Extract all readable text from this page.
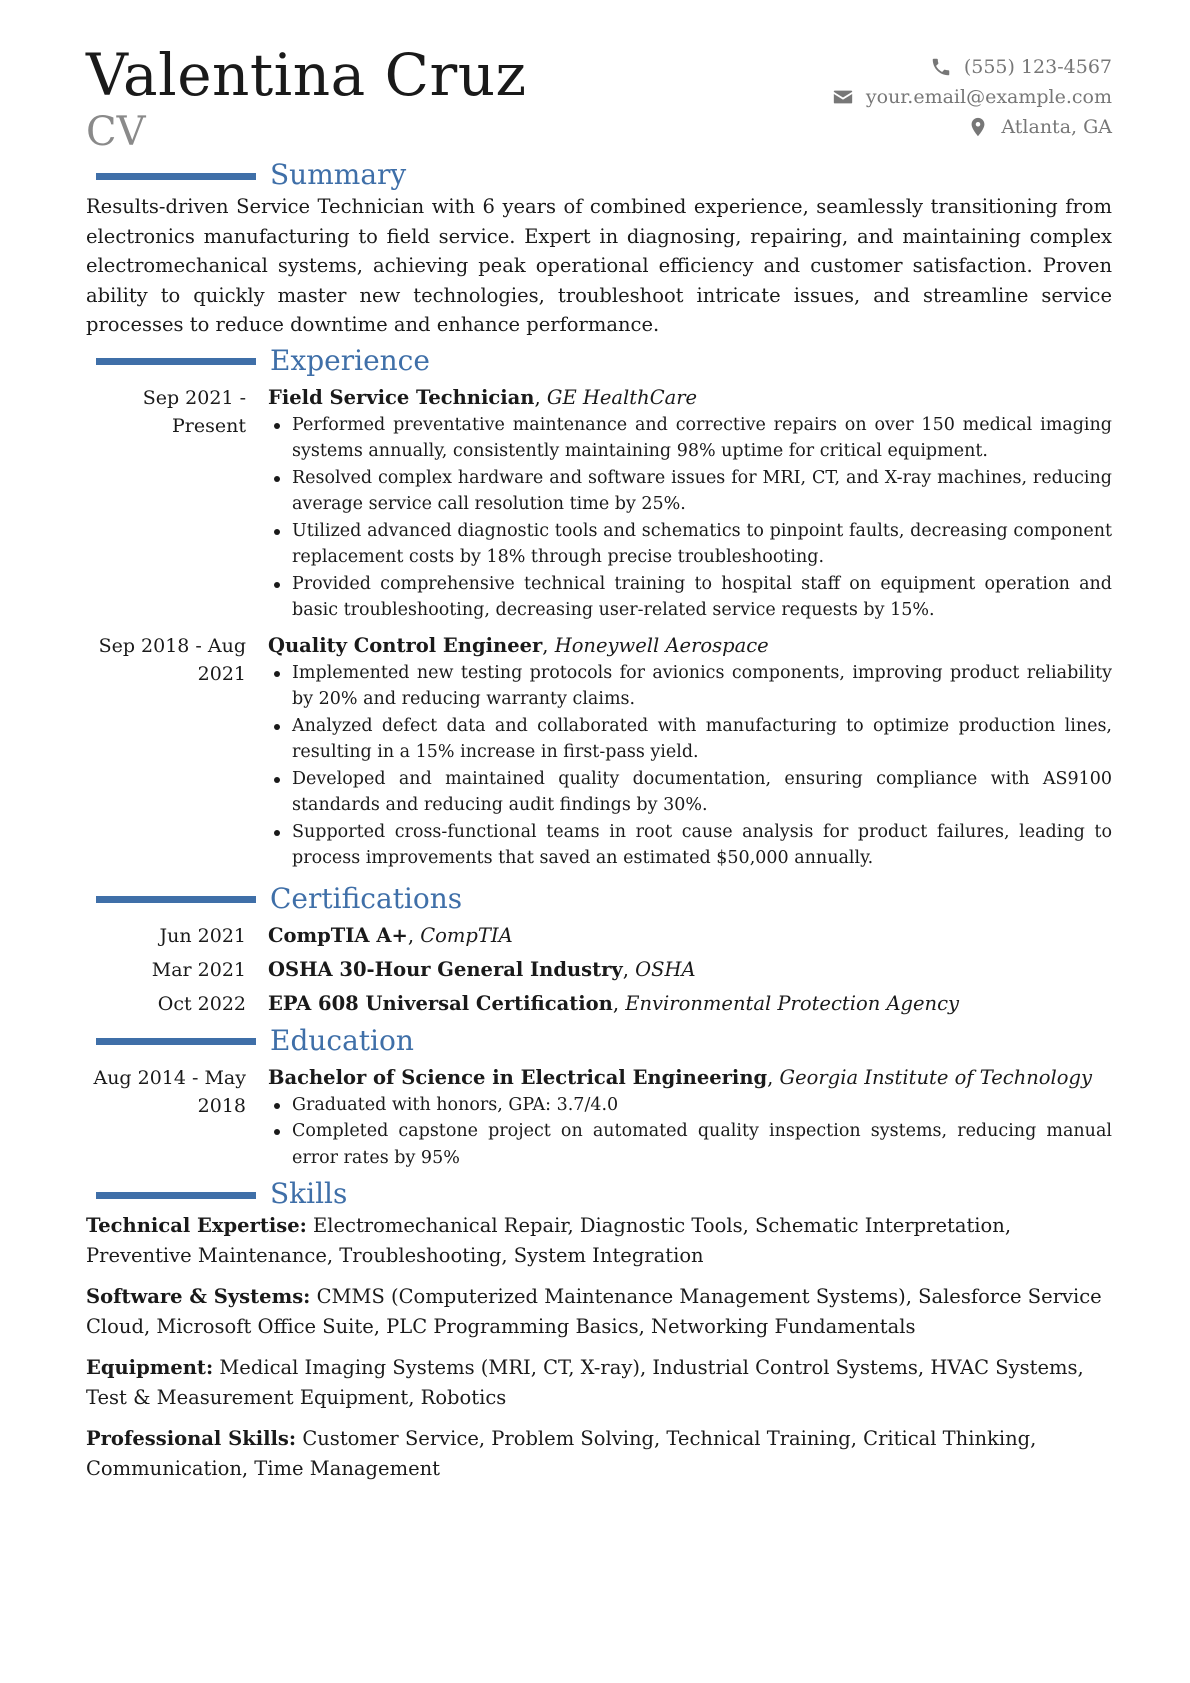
Valentina Cruz
CV
(555) 123-4567
your.email@example.com
Atlanta, GA
Summary

Results-driven Service Technician with 6 years of combined experience, seamlessly transitioning from electronics manufacturing to field service. Expert in diagnosing, repairing, and maintaining complex electromechanical systems, achieving peak operational efficiency and customer satisfaction. Proven ability to quickly master new technologies, troubleshoot intricate issues, and streamline service processes to reduce downtime and enhance performance.

Experience
Sep 2021 - Present
Field Service Technician, GE HealthCare
Performed preventative maintenance and corrective repairs on over 150 medical imaging systems annually, consistently maintaining 98% uptime for critical equipment.
Resolved complex hardware and software issues for MRI, CT, and X-ray machines, reducing average service call resolution time by 25%.
Utilized advanced diagnostic tools and schematics to pinpoint faults, decreasing component replacement costs by 18% through precise troubleshooting.
Provided comprehensive technical training to hospital staff on equipment operation and basic troubleshooting, decreasing user-related service requests by 15%.
Sep 2018 - Aug 2021
Quality Control Engineer, Honeywell Aerospace
Implemented new testing protocols for avionics components, improving product reliability by 20% and reducing warranty claims.
Analyzed defect data and collaborated with manufacturing to optimize production lines, resulting in a 15% increase in first-pass yield.
Developed and maintained quality documentation, ensuring compliance with AS9100 standards and reducing audit findings by 30%.
Supported cross-functional teams in root cause analysis for product failures, leading to process improvements that saved an estimated $50,000 annually.
Certifications
Jun 2021	CompTIA A+, CompTIA
Mar 2021	OSHA 30-Hour General Industry, OSHA
Oct 2022	EPA 608 Universal Certification, Environmental Protection Agency
Education
Aug 2014 - May 2018
Bachelor of Science in Electrical Engineering, Georgia Institute of Technology
Graduated with honors, GPA: 3.7/4.0
Completed capstone project on automated quality inspection systems, reducing manual error rates by 95%
Skills

Technical Expertise: Electromechanical Repair, Diagnostic Tools, Schematic Interpretation, Preventive Maintenance, Troubleshooting, System Integration

Software & Systems: CMMS (Computerized Maintenance Management Systems), Salesforce Service Cloud, Microsoft Office Suite, PLC Programming Basics, Networking Fundamentals

Equipment: Medical Imaging Systems (MRI, CT, X-ray), Industrial Control Systems, HVAC Systems, Test & Measurement Equipment, Robotics

Professional Skills: Customer Service, Problem Solving, Technical Training, Critical Thinking, Communication, Time Management
